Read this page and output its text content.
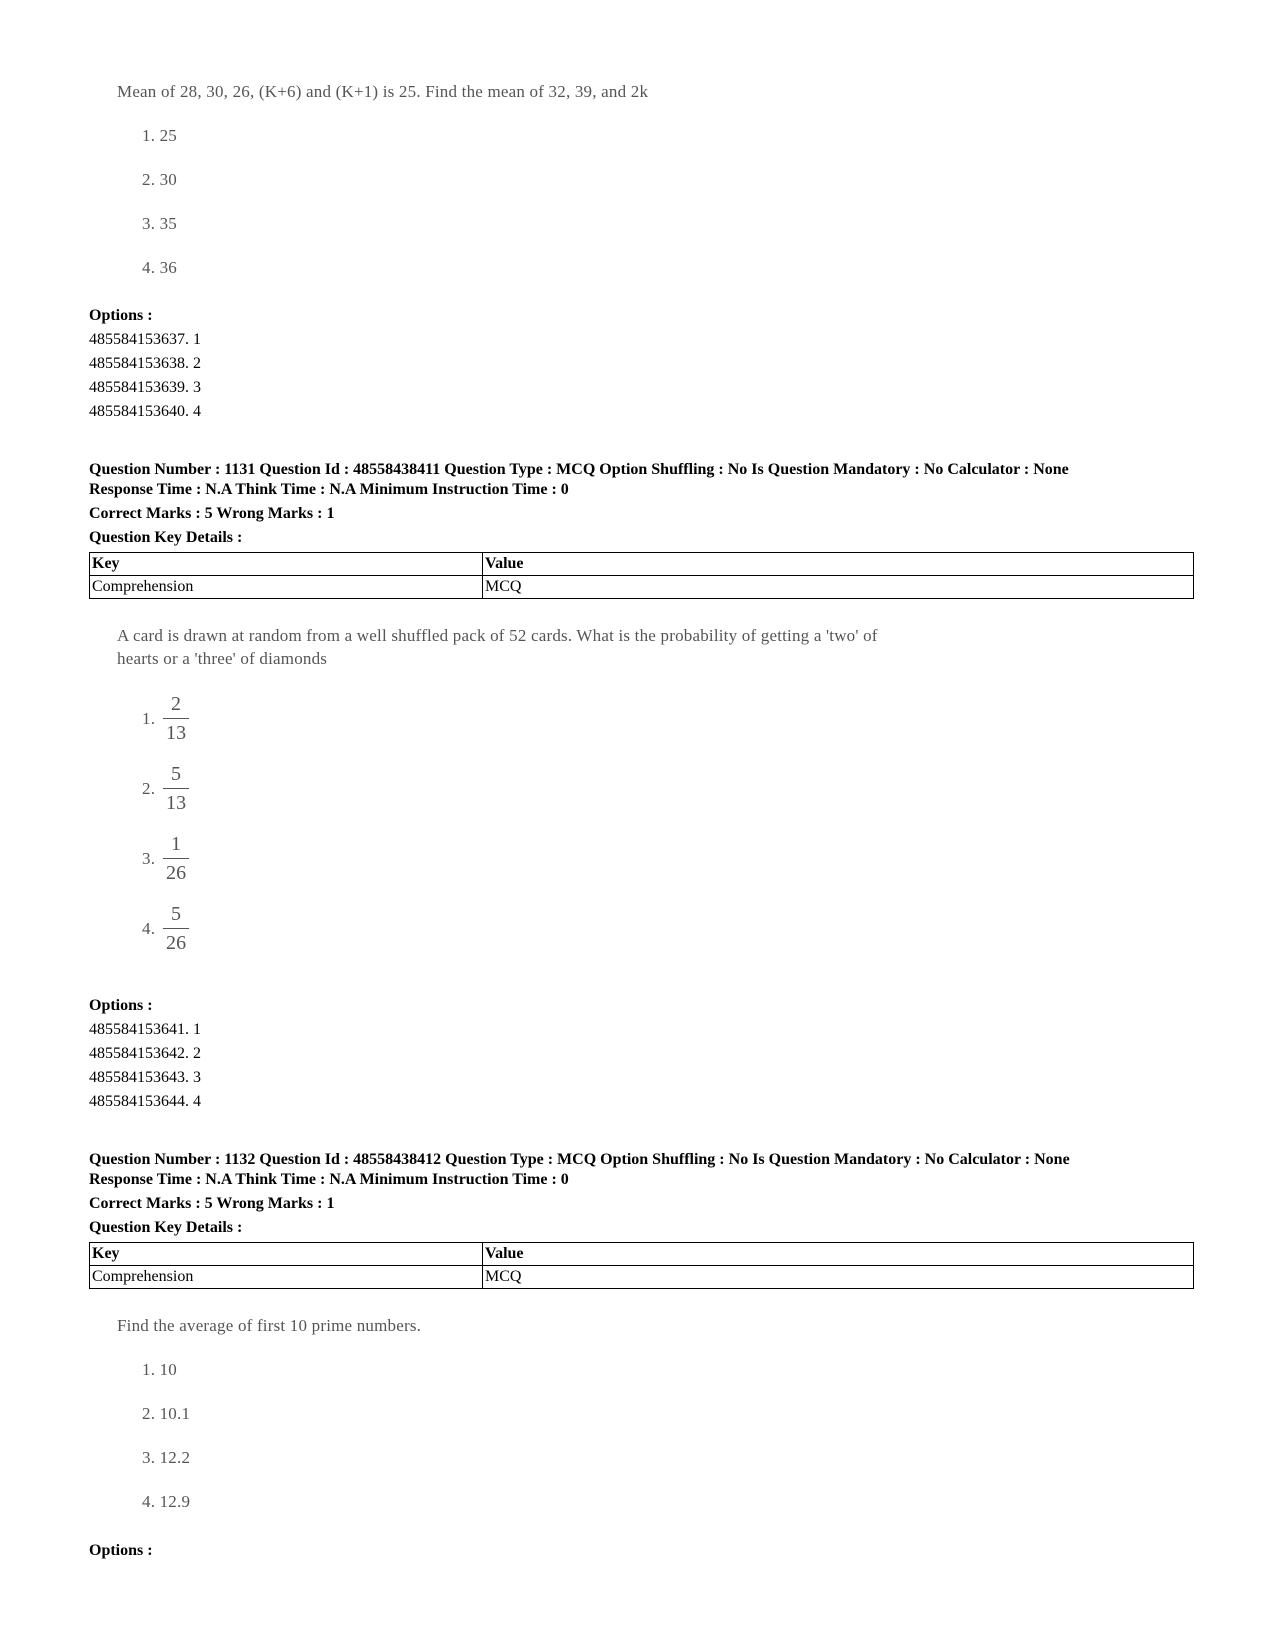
Mean of 28, 30, 26, (K+6) and (K+1) is 25. Find the mean of 32, 39, and 2k
1. 25
2. 30
3. 35
4. 36
Options :
485584153637. 1
485584153638. 2
485584153639. 3
485584153640. 4
Question Number : 1131 Question Id : 48558438411 Question Type : MCQ Option Shuffling : No Is Question Mandatory : No Calculator : None
Response Time : N.A Think Time : N.A Minimum Instruction Time : 0
Correct Marks : 5 Wrong Marks : 1
Question Key Details :
Key	Value
Comprehension	MCQ
A card is drawn at random from a well shuffled pack of 52 cards. What is the probability of getting a 'two' of
hearts or a 'three' of diamonds
1. $\frac{2}{13}$
2. $\frac{5}{13}$
3. $\frac{1}{26}$
4. $\frac{5}{26}$
Options :
485584153641. 1
485584153642. 2
485584153643. 3
485584153644. 4
Question Number : 1132 Question Id : 48558438412 Question Type : MCQ Option Shuffling : No Is Question Mandatory : No Calculator : None
Response Time : N.A Think Time : N.A Minimum Instruction Time : 0
Correct Marks : 5 Wrong Marks : 1
Question Key Details :
Key	Value
Comprehension	MCQ
Find the average of first 10 prime numbers.
1. 10
2. 10.1
3. 12.2
4. 12.9
Options :
